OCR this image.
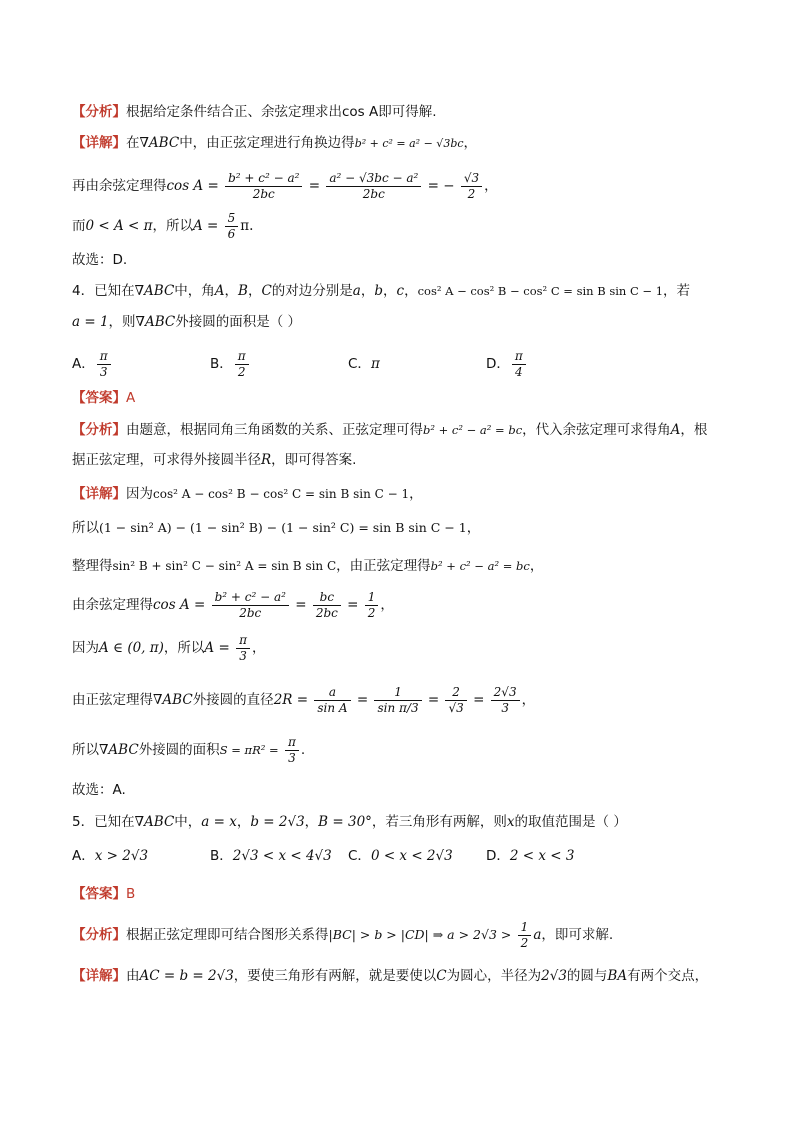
【分析】根据给定条件结合正、余弦定理求出cos A即可得解.
【详解】在∇ABC中，由正弦定理进行角换边得b² + c² = a² − √3bc，
再由余弦定理得$\cos A = \frac{\text{b² + c² − a²}}{2bc} = \frac{\text{a² − √3bc − a²}}{2bc}$ = − $\frac{√3}{2}$ ，
而0 < A < π，所以$A = \frac{5}{6} \pi$.
故选：D.
4．已知在∇ABC中，角A，B，C的对边分别是a，b，c，cos² A − cos² B − cos² C = sin B sin C − 1，若
a = 1，则∇ABC外接圆的面积是（ ）
A． $\frac{\pi}{3}$	B． $\frac{\pi}{2}$	C．π	D． $\frac{\pi}{4}$
【答案】A
【分析】由题意，根据同角三角函数的关系、正弦定理可得b² + c² − a² = bc，代入余弦定理可求得角A，根
据正弦定理，可求得外接圆半径R，即可得答案.
【详解】因为cos² A − cos² B − cos² C = sin B sin C − 1，
所以(1 − sin² A) − (1 − sin² B) − (1 − sin² C) = sin B sin C − 1，
整理得sin² B + sin² C − sin² A = sin B sin C，由正弦定理得b² + c² − a² = bc，
由余弦定理得$\cos A = \frac{\text{b² + c² − a²}}{2bc} = \frac{bc}{2bc} = \frac{1}{2}$ ，
因为A ∈ (0, π)，所以$A = \frac{\pi}{3}$ ，
由正弦定理得∇ABC外接圆的直径$2R = \frac{a}{\text{sin A}} = \frac{1}{\text{sin π/3}} = \frac{2}{√3} = \frac{2√3}{3}$ ，
所以∇ABC外接圆的面积$S = \pi R^2 = \frac{\pi}{3}$ .
故选：A.
5．已知在∇ABC中，a = x，b = 2√3，B = 30°，若三角形有两解，则x的取值范围是（ ）
A．x > 2√3	B．2√3 < x < 4√3 C．0 < x < 2√3 D．2 < x < 3
【答案】B
【分析】根据正弦定理即可结合图形关系得|BC| > b > |CD| ⇒ $a > 2√3 > \frac{1}{2}$ a，即可求解.
【详解】由AC = b = 2√3，要使三角形有两解，就是要使以C为圆心，半径为2√3的圆与BA有两个交点，
